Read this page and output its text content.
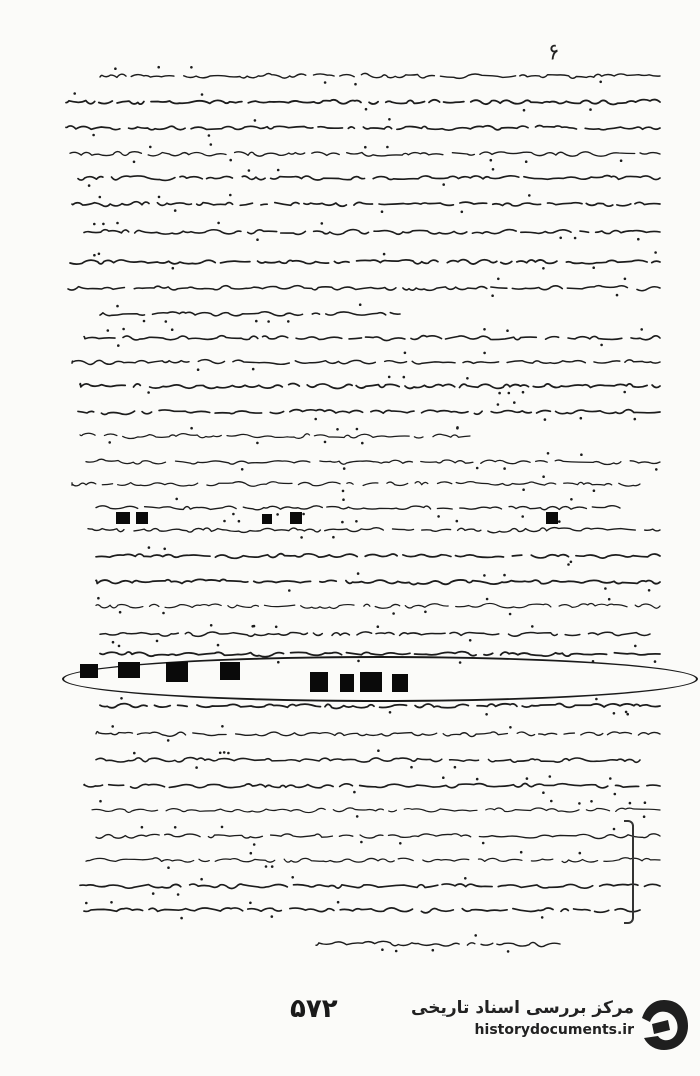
۶
۵۷۲	مرکز بررسی اسناد تاریخی
historydocuments.ir
